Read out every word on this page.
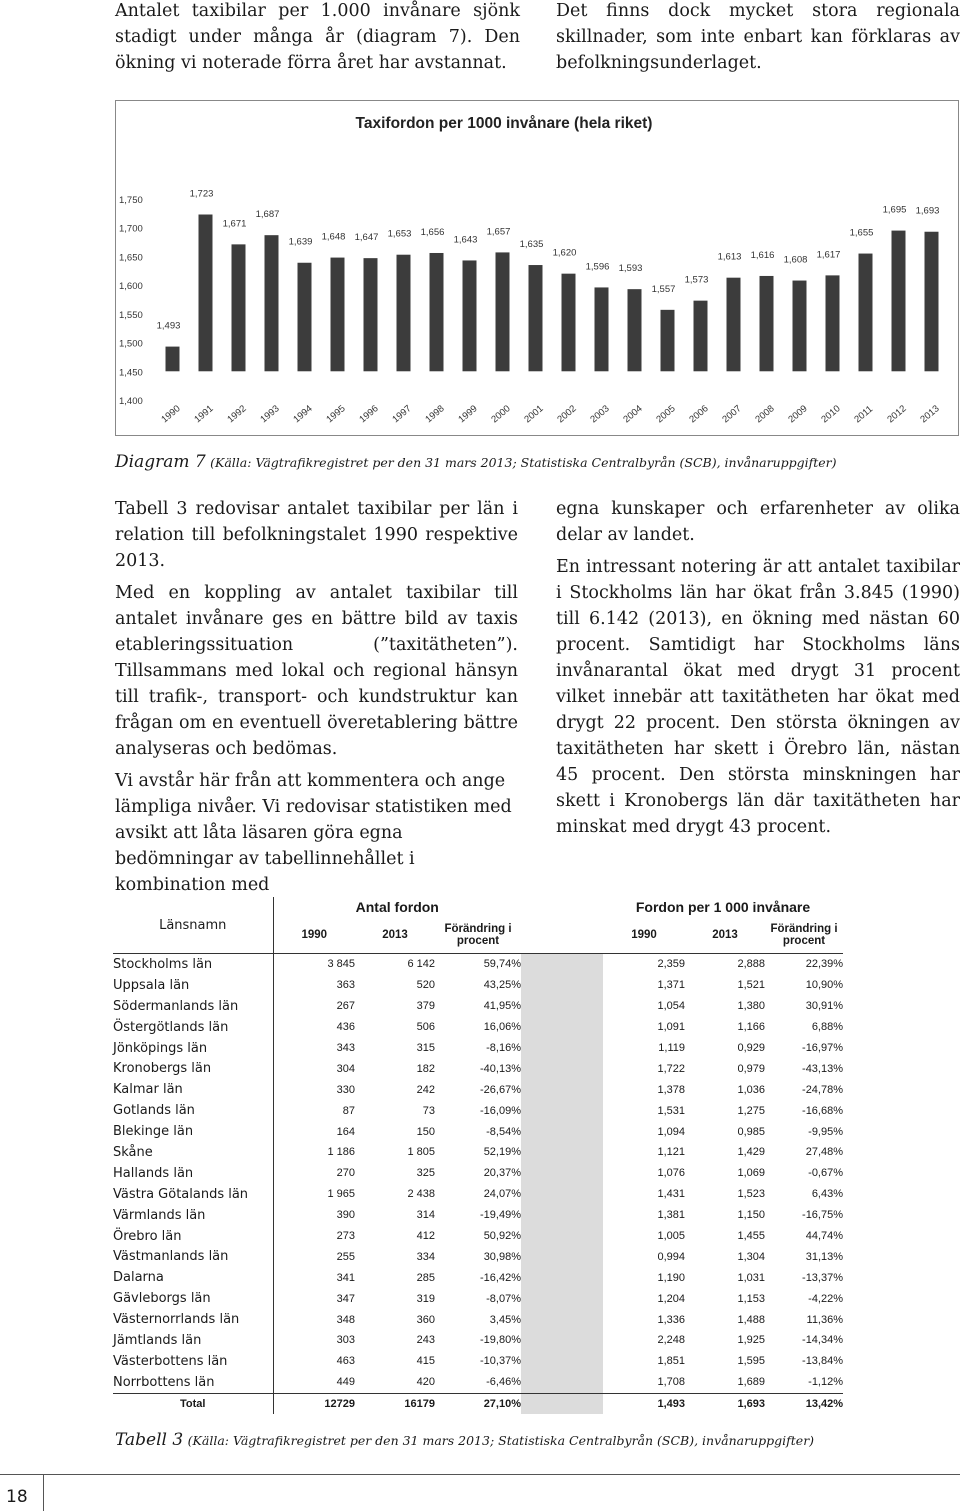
Antalet taxibilar per 1.000 invånare sjönk stadigt under många år (diagram 7). Den ökning vi noterade förra året har avstannat.

Det finns dock mycket stora regionala skillnader, som inte enbart kan förklaras av befolkningsunderlaget.

Taxifordon per 1000 invånare (hela riket)
1,750
1,700
1,650
1,600
1,550
1,500
1,450
1,400
1,493
1,723
1,671
1,687
1,639 1,648 1,647 1,653 1,656
1,643
1,657
1,635
1,620
1,596 1,593
1,557
1,573
1,613 1,616 1,608 1,617
1,655
1,695 1,693
1990 1991 1992 1993 1994 1995 1996 1997 1998 1999 2000 2001 2002 2003 2004 2005 2006 2007 2008 2009 2010 2011 2012 2013
Diagram 7 (Källa: Vägtrafikregistret per den 31 mars 2013; Statistiska Centralbyrån (SCB), invånaruppgifter)

Tabell 3 redovisar antalet taxibilar per län i relation till befolkningstalet 1990 respektive 2013.

Med en koppling av antalet taxibilar till antalet invånare ges en bättre bild av taxis etableringssituation (”taxitätheten”). Tillsammans med lokal och regional hänsyn till trafik-, transport- och kundstruktur kan frågan om en eventuell överetablering bättre analyseras och bedömas.

Vi avstår här från att kommentera och ange lämpliga nivåer. Vi redovisar statistiken med avsikt att låta läsaren göra egna bedömningar av tabellinnehållet i kombination med

egna kunskaper och erfarenheter av olika delar av landet.

En intressant notering är att antalet taxibilar i Stockholms län har ökat från 3.845 (1990) till 6.142 (2013), en ökning med nästan 60 procent. Samtidigt har Stockholms läns invånarantal ökat med drygt 31 procent vilket innebär att taxitätheten har ökat med drygt 22 procent. Den största ökningen av taxitätheten har skett i Örebro län, nästan 45 procent. Den största minskningen har skett i Kronobergs län där taxitätheten har minskat med drygt 43 procent.

Länsnamn	Antal fordon				Fordon per 1 000 invånare		
	1990	2013	Förändring i procent		1990	2013	Förändring i procent
Stockholms län	3 845	6 142	59,74%		2,359	2,888	22,39%
Uppsala län	363	520	43,25%		1,371	1,521	10,90%
Södermanlands län	267	379	41,95%		1,054	1,380	30,91%
Östergötlands län	436	506	16,06%		1,091	1,166	6,88%
Jönköpings län	343	315	-8,16%		1,119	0,929	-16,97%
Kronobergs län	304	182	-40,13%		1,722	0,979	-43,13%
Kalmar län	330	242	-26,67%		1,378	1,036	-24,78%
Gotlands län	87	73	-16,09%		1,531	1,275	-16,68%
Blekinge län	164	150	-8,54%		1,094	0,985	-9,95%
Skåne	1 186	1 805	52,19%		1,121	1,429	27,48%
Hallands län	270	325	20,37%		1,076	1,069	-0,67%
Västra Götalands län	1 965	2 438	24,07%		1,431	1,523	6,43%
Värmlands län	390	314	-19,49%		1,381	1,150	-16,75%
Örebro län	273	412	50,92%		1,005	1,455	44,74%
Västmanlands län	255	334	30,98%		0,994	1,304	31,13%
Dalarna	341	285	-16,42%		1,190	1,031	-13,37%
Gävleborgs län	347	319	-8,07%		1,204	1,153	-4,22%
Västernorrlands län	348	360	3,45%		1,336	1,488	11,36%
Jämtlands län	303	243	-19,80%		2,248	1,925	-14,34%
Västerbottens län	463	415	-10,37%		1,851	1,595	-13,84%
Norrbottens län	449	420	-6,46%		1,708	1,689	-1,12%
Total	12729	16179	27,10%		1,493	1,693	13,42%
Tabell 3 (Källa: Vägtrafikregistret per den 31 mars 2013; Statistiska Centralbyrån (SCB), invånaruppgifter)
18
